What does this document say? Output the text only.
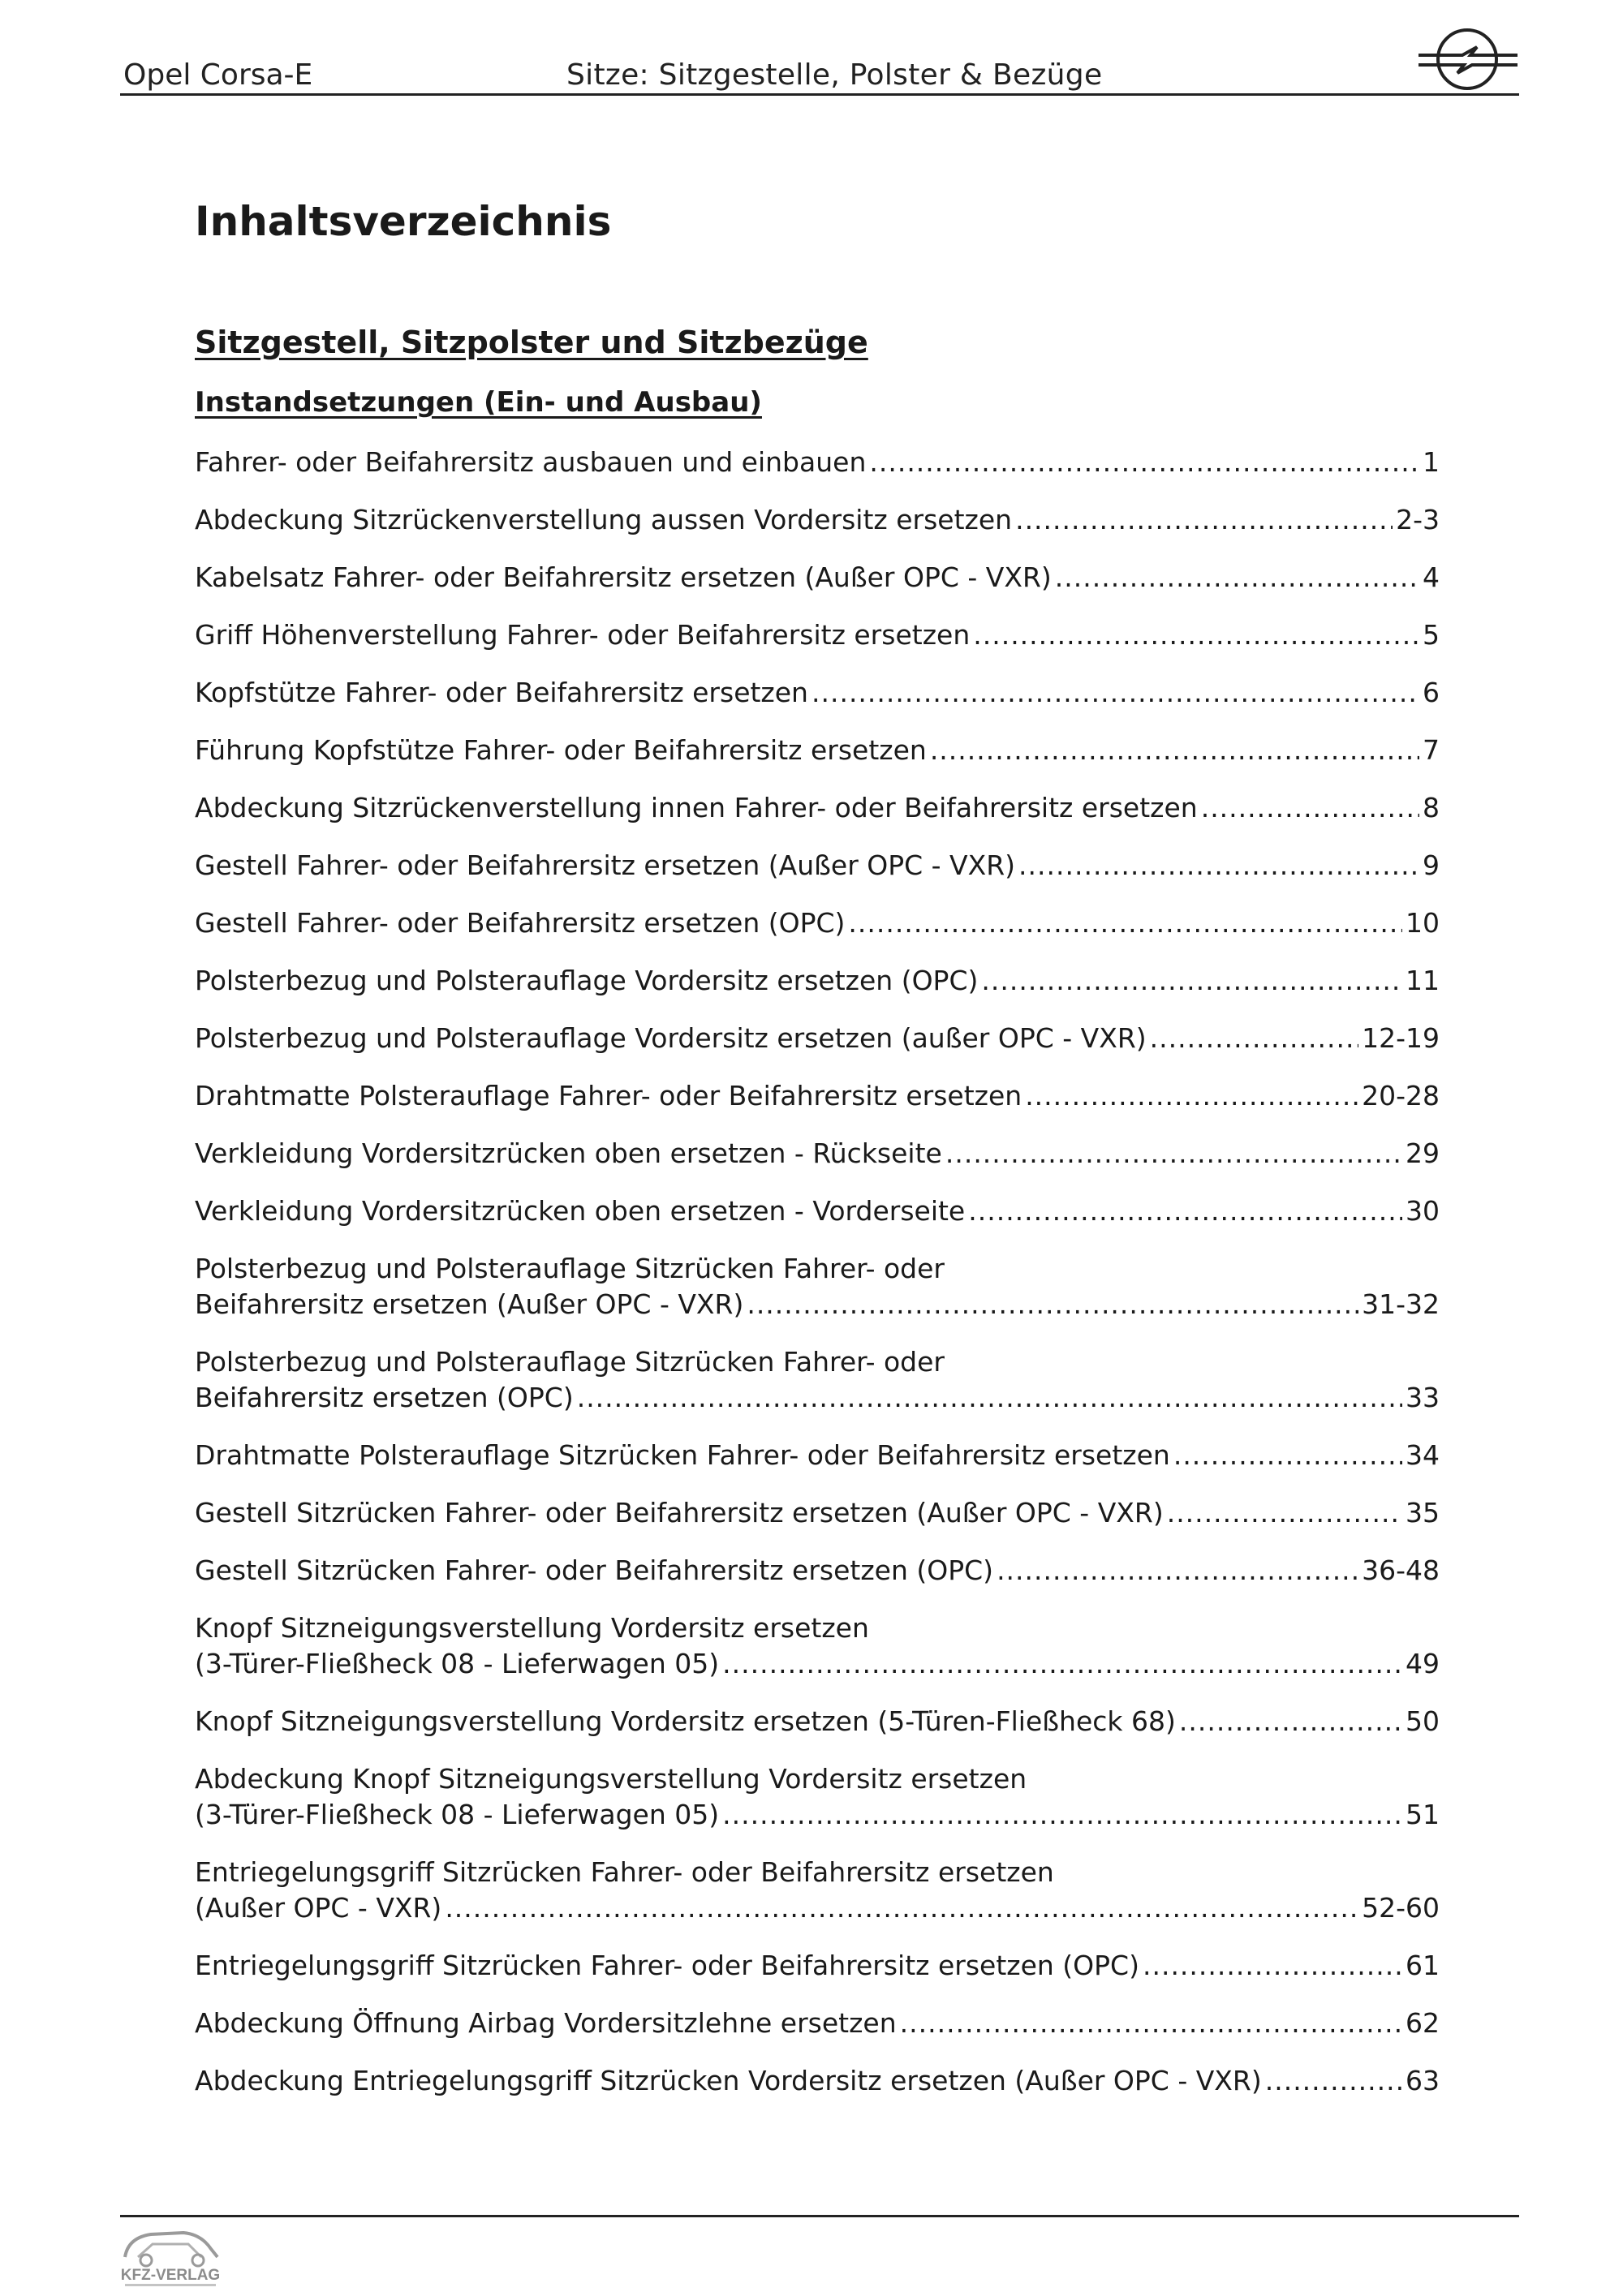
Opel Corsa-E	Sitze: Sitzgestelle, Polster & Bezüge
Inhaltsverzeichnis
Sitzgestell, Sitzpolster und Sitzbezüge
Instandsetzungen (Ein- und Ausbau)
Fahrer- oder Beifahrersitz ausbauen und einbauen .....	1
Abdeckung Sitzrückenverstellung aussen Vordersitz ersetzen .....	2-3
Kabelsatz Fahrer- oder Beifahrersitz ersetzen (Außer OPC - VXR) .....	4
Griff Höhenverstellung Fahrer- oder Beifahrersitz ersetzen .....	5
Kopfstütze Fahrer- oder Beifahrersitz ersetzen .....	6
Führung Kopfstütze Fahrer- oder Beifahrersitz ersetzen .....	7
Abdeckung Sitzrückenverstellung innen Fahrer- oder Beifahrersitz ersetzen .....	8
Gestell Fahrer- oder Beifahrersitz ersetzen (Außer OPC - VXR) .....	9
Gestell Fahrer- oder Beifahrersitz ersetzen (OPC) .....	10
Polsterbezug und Polsterauflage Vordersitz ersetzen (OPC) .....	11
Polsterbezug und Polsterauflage Vordersitz ersetzen (außer OPC - VXR) .....	12-19
Drahtmatte Polsterauflage Fahrer- oder Beifahrersitz ersetzen .....	20-28
Verkleidung Vordersitzrücken oben ersetzen - Rückseite .....	29
Verkleidung Vordersitzrücken oben ersetzen - Vorderseite .....	30
Polsterbezug und Polsterauflage Sitzrücken Fahrer- oder
Beifahrersitz ersetzen (Außer OPC - VXR) .....	31-32
Polsterbezug und Polsterauflage Sitzrücken Fahrer- oder
Beifahrersitz ersetzen (OPC) .....	33
Drahtmatte Polsterauflage Sitzrücken Fahrer- oder Beifahrersitz ersetzen .....	34
Gestell Sitzrücken Fahrer- oder Beifahrersitz ersetzen (Außer OPC - VXR) .....	35
Gestell Sitzrücken Fahrer- oder Beifahrersitz ersetzen (OPC) .....	36-48
Knopf Sitzneigungsverstellung Vordersitz ersetzen
(3-Türer-Fließheck 08 - Lieferwagen 05) .....	49
Knopf Sitzneigungsverstellung Vordersitz ersetzen (5-Türen-Fließheck 68) .....	50
Abdeckung Knopf Sitzneigungsverstellung Vordersitz ersetzen
(3-Türer-Fließheck 08 - Lieferwagen 05) .....	51
Entriegelungsgriff Sitzrücken Fahrer- oder Beifahrersitz ersetzen
(Außer OPC - VXR) .....	52-60
Entriegelungsgriff Sitzrücken Fahrer- oder Beifahrersitz ersetzen (OPC) .....	61
Abdeckung Öffnung Airbag Vordersitzlehne ersetzen .....	62
Abdeckung Entriegelungsgriff Sitzrücken Vordersitz ersetzen (Außer OPC - VXR) .....	63
KFZ-VERLAG
